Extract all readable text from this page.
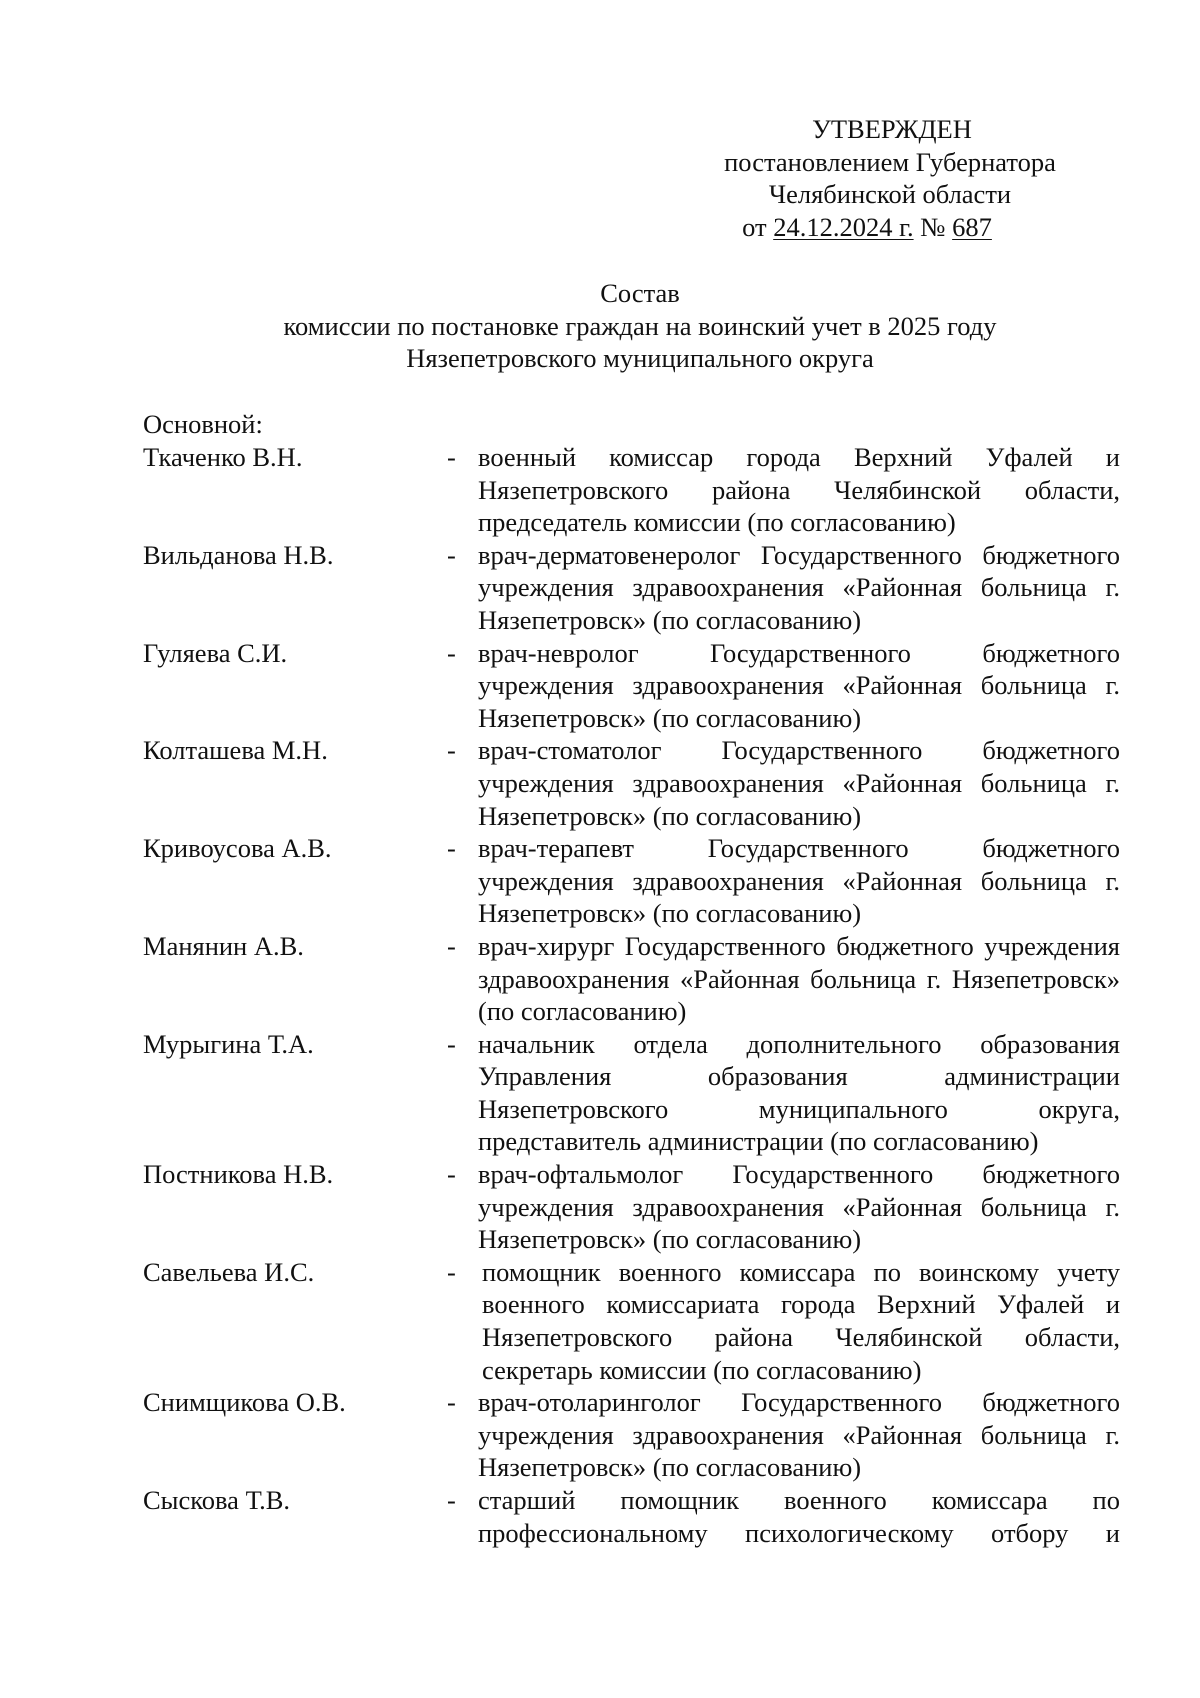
УТВЕРЖДЕН
постановлением Губернатора
Челябинской области
от 24.12.2024 г. № 687
Состав
комиссии по постановке граждан на воинский учет в 2025 году
Нязепетровского муниципального округа
Основной:
Ткаченко В.Н.	- военный комиссар города Верхний Уфалей и Нязепетровского района Челябинской области, председатель комиссии (по согласованию)
Вильданова Н.В.	- врач-дерматовенеролог Государственного бюджетного учреждения здравоохранения «Районная больница г. Нязепетровск» (по согласованию)
Гуляева С.И.	- врач-невролог Государственного бюджетного учреждения здравоохранения «Районная больница г. Нязепетровск» (по согласованию)
Колташева М.Н.	- врач-стоматолог Государственного бюджетного учреждения здравоохранения «Районная больница г. Нязепетровск» (по согласованию)
Кривоусова А.В.	- врач-терапевт Государственного бюджетного учреждения здравоохранения «Районная больница г. Нязепетровск» (по согласованию)
Манянин А.В.	- врач-хирург Государственного бюджетного учреждения здравоохранения «Районная больница г. Нязепетровск» (по согласованию)
Мурыгина Т.А.	- начальник отдела дополнительного образования Управления образования администрации Нязепетровского муниципального округа, представитель администрации (по согласованию)
Постникова Н.В.	- врач-офтальмолог Государственного бюджетного учреждения здравоохранения «Районная больница г. Нязепетровск» (по согласованию)
Савельева И.С.	- помощник военного комиссара по воинскому учету военного комиссариата города Верхний Уфалей и Нязепетровского района Челябинской области, секретарь комиссии (по согласованию)
Снимщикова О.В.	- врач-отоларинголог Государственного бюджетного учреждения здравоохранения «Районная больница г. Нязепетровск» (по согласованию)
Сыскова Т.В.	- старший помощник военного комиссара по профессиональному психологическому отбору и
